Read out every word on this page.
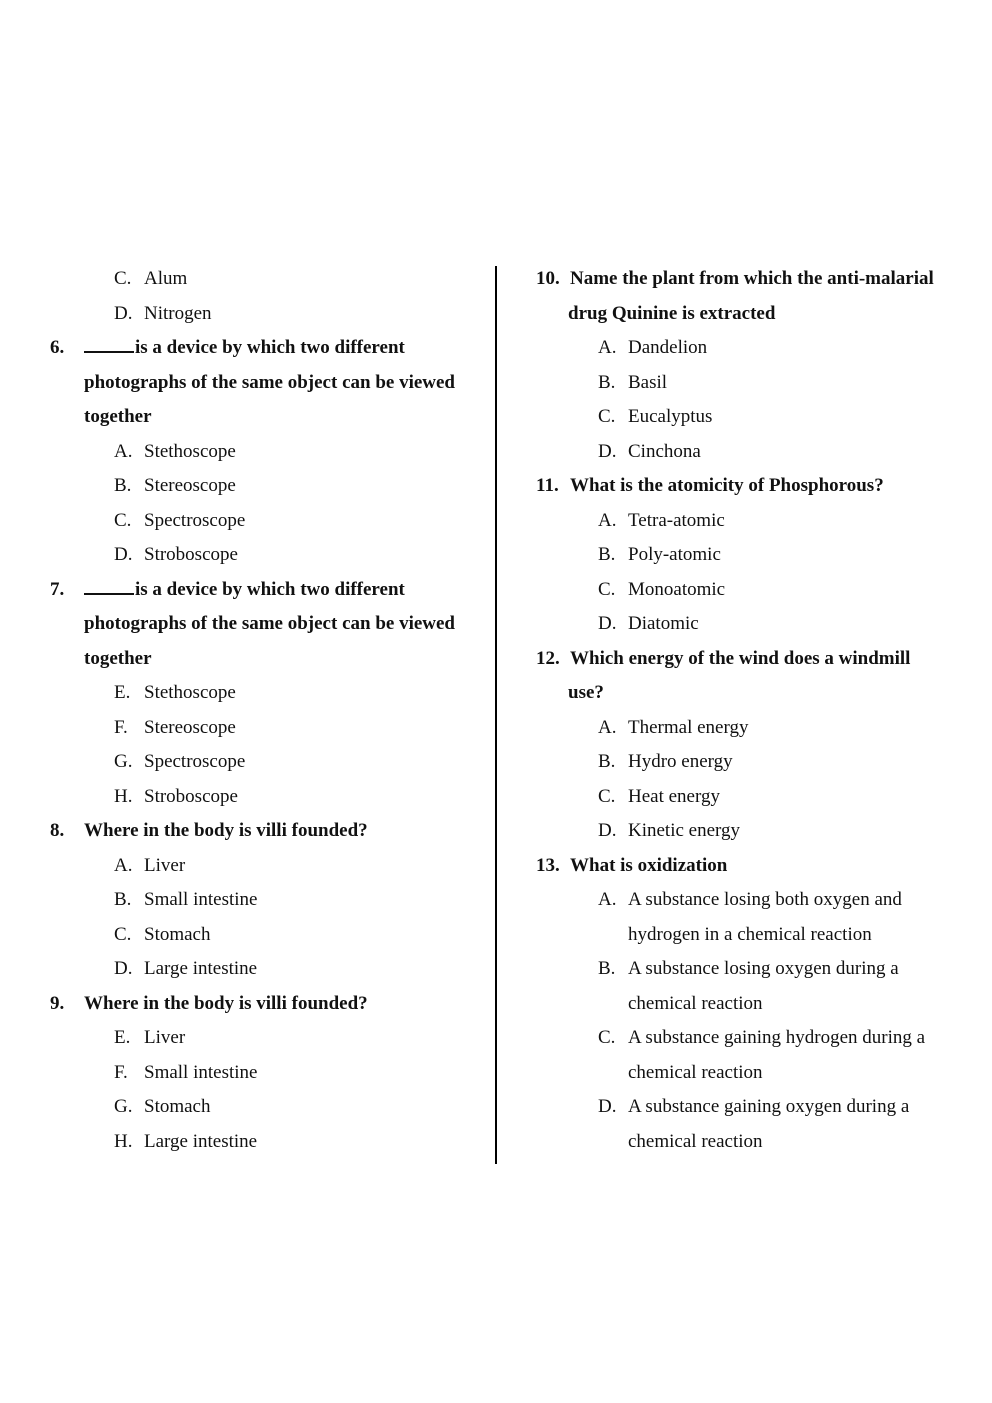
C. Alum
D. Nitrogen
6.	is a device by which two different
photographs of the same object can be viewed
together
A. Stethoscope
B. Stereoscope
C. Spectroscope
D. Stroboscope
7.	is a device by which two different
photographs of the same object can be viewed
together
E. Stethoscope
F. Stereoscope
G. Spectroscope
H. Stroboscope
8. Where in the body is villi founded?
A. Liver
B. Small intestine
C. Stomach
D. Large intestine
9. Where in the body is villi founded?
E. Liver
F. Small intestine
G. Stomach
H. Large intestine
10. Name the plant from which the anti-malarial
drug Quinine is extracted
A. Dandelion
B. Basil
C. Eucalyptus
D. Cinchona
11. What is the atomicity of Phosphorous?
A. Tetra-atomic
B. Poly-atomic
C. Monoatomic
D. Diatomic
12. Which energy of the wind does a windmill
use?
A. Thermal energy
B. Hydro energy
C. Heat energy
D. Kinetic energy
13. What is oxidization
A. A substance losing both oxygen and
hydrogen in a chemical reaction
B. A substance losing oxygen during a
chemical reaction
C. A substance gaining hydrogen during a
chemical reaction
D. A substance gaining oxygen during a
chemical reaction
